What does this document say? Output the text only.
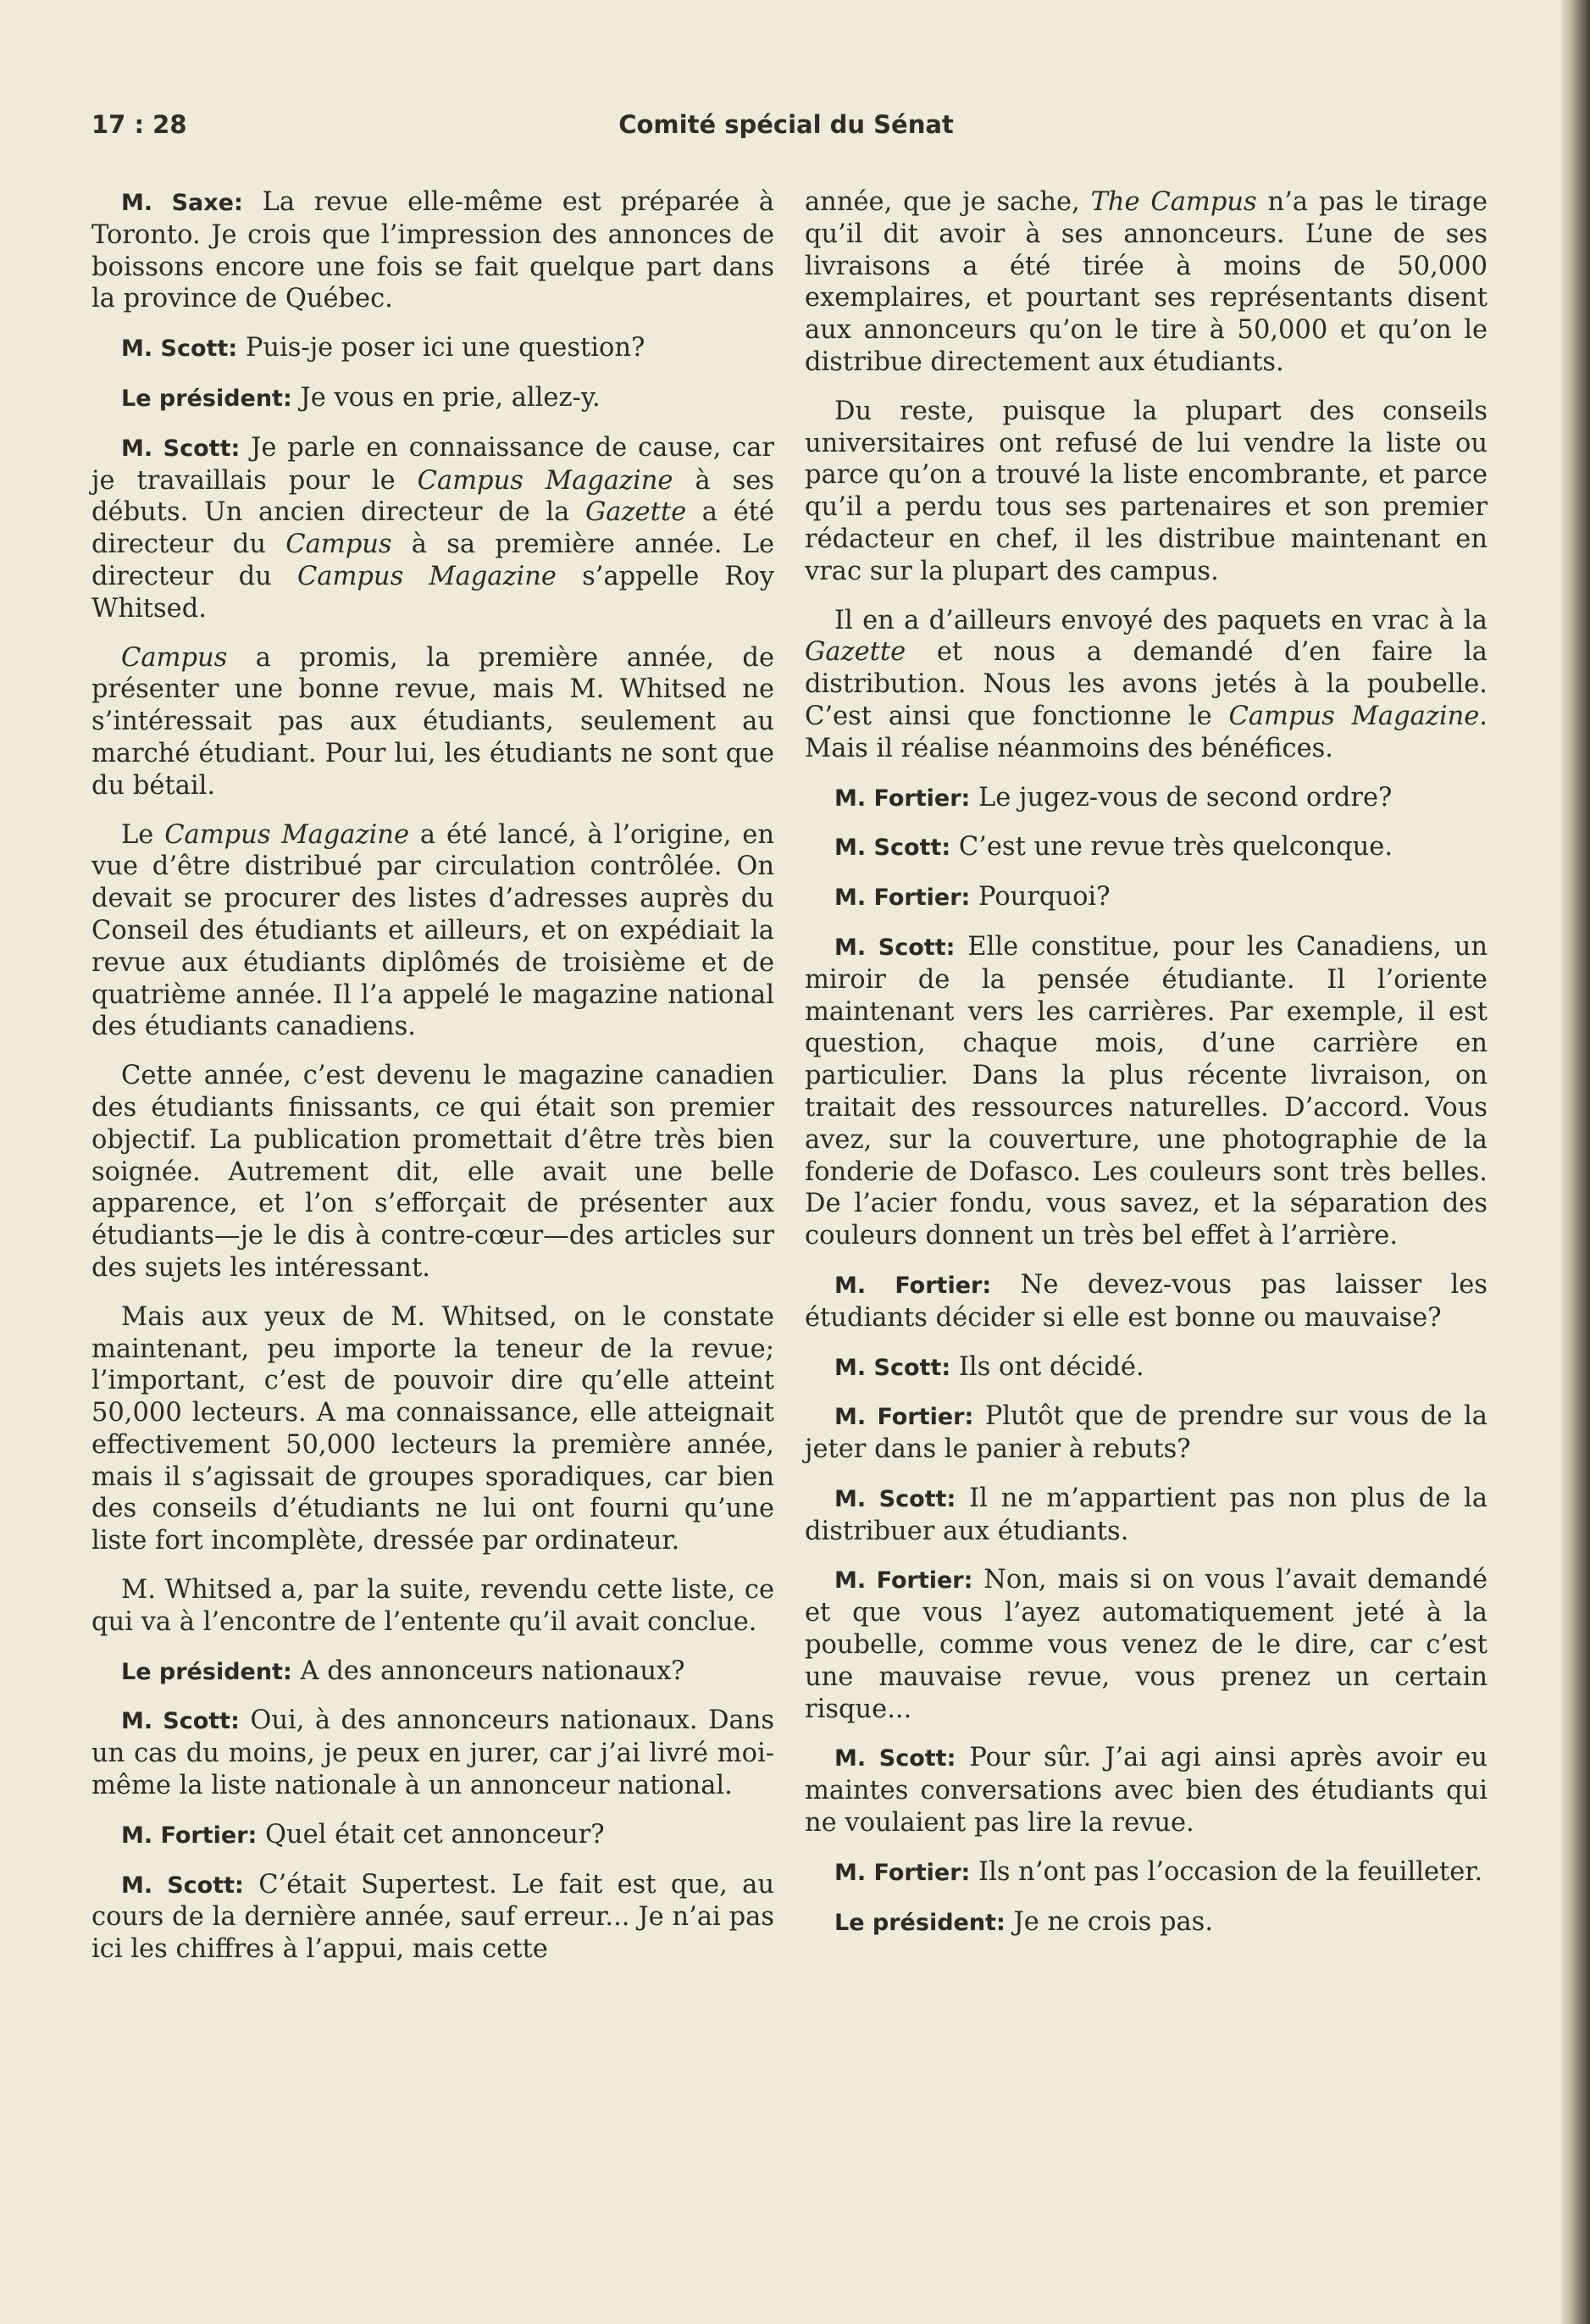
17 : 28	Comité spécial du Sénat

M. Saxe: La revue elle-même est préparée à Toronto. Je crois que l’impression des annonces de boissons encore une fois se fait quelque part dans la province de Québec.

M. Scott: Puis-je poser ici une question?

Le président: Je vous en prie, allez-y.

M. Scott: Je parle en connaissance de cause, car je travaillais pour le Campus Magazine à ses débuts. Un ancien directeur de la Gazette a été directeur du Campus à sa première année. Le directeur du Campus Magazine s’appelle Roy Whitsed.

Campus a promis, la première année, de présenter une bonne revue, mais M. Whitsed ne s’intéressait pas aux étudiants, seulement au marché étudiant. Pour lui, les étudiants ne sont que du bétail.

Le Campus Magazine a été lancé, à l’origine, en vue d’être distribué par circulation contrôlée. On devait se procurer des listes d’adresses auprès du Conseil des étudiants et ailleurs, et on expédiait la revue aux étudiants diplômés de troisième et de quatrième année. Il l’a appelé le magazine national des étudiants canadiens.

Cette année, c’est devenu le magazine canadien des étudiants finissants, ce qui était son premier objectif. La publication promettait d’être très bien soignée. Autrement dit, elle avait une belle apparence, et l’on s’efforçait de présenter aux étudiants—je le dis à contre-cœur—des articles sur des sujets les intéressant.

Mais aux yeux de M. Whitsed, on le constate maintenant, peu importe la teneur de la revue; l’important, c’est de pouvoir dire qu’elle atteint 50,000 lecteurs. A ma connaissance, elle atteignait effectivement 50,000 lecteurs la première année, mais il s’agissait de groupes sporadiques, car bien des conseils d’étudiants ne lui ont fourni qu’une liste fort incomplète, dressée par ordinateur.

M. Whitsed a, par la suite, revendu cette liste, ce qui va à l’encontre de l’entente qu’il avait conclue.

Le président: A des annonceurs nationaux?

M. Scott: Oui, à des annonceurs nationaux. Dans un cas du moins, je peux en jurer, car j’ai livré moi-même la liste nationale à un annonceur national.

M. Fortier: Quel était cet annonceur?

M. Scott: C’était Supertest. Le fait est que, au cours de la dernière année, sauf erreur... Je n’ai pas ici les chiffres à l’appui, mais cette

année, que je sache, The Campus n’a pas le tirage qu’il dit avoir à ses annonceurs. L’une de ses livraisons a été tirée à moins de 50,000 exemplaires, et pourtant ses représentants disent aux annonceurs qu’on le tire à 50,000 et qu’on le distribue directement aux étudiants.

Du reste, puisque la plupart des conseils universitaires ont refusé de lui vendre la liste ou parce qu’on a trouvé la liste encombrante, et parce qu’il a perdu tous ses partenaires et son premier rédacteur en chef, il les distribue maintenant en vrac sur la plupart des campus.

Il en a d’ailleurs envoyé des paquets en vrac à la Gazette et nous a demandé d’en faire la distribution. Nous les avons jetés à la poubelle. C’est ainsi que fonctionne le Campus Magazine. Mais il réalise néanmoins des bénéfices.

M. Fortier: Le jugez-vous de second ordre?

M. Scott: C’est une revue très quelconque.

M. Fortier: Pourquoi?

M. Scott: Elle constitue, pour les Canadiens, un miroir de la pensée étudiante. Il l’oriente maintenant vers les carrières. Par exemple, il est question, chaque mois, d’une carrière en particulier. Dans la plus récente livraison, on traitait des ressources naturelles. D’accord. Vous avez, sur la couverture, une photographie de la fonderie de Dofasco. Les couleurs sont très belles. De l’acier fondu, vous savez, et la séparation des couleurs donnent un très bel effet à l’arrière.

M. Fortier: Ne devez-vous pas laisser les étudiants décider si elle est bonne ou mauvaise?

M. Scott: Ils ont décidé.

M. Fortier: Plutôt que de prendre sur vous de la jeter dans le panier à rebuts?

M. Scott: Il ne m’appartient pas non plus de la distribuer aux étudiants.

M. Fortier: Non, mais si on vous l’avait demandé et que vous l’ayez automatiquement jeté à la poubelle, comme vous venez de le dire, car c’est une mauvaise revue, vous prenez un certain risque...

M. Scott: Pour sûr. J’ai agi ainsi après avoir eu maintes conversations avec bien des étudiants qui ne voulaient pas lire la revue.

M. Fortier: Ils n’ont pas l’occasion de la feuilleter.

Le président: Je ne crois pas.
